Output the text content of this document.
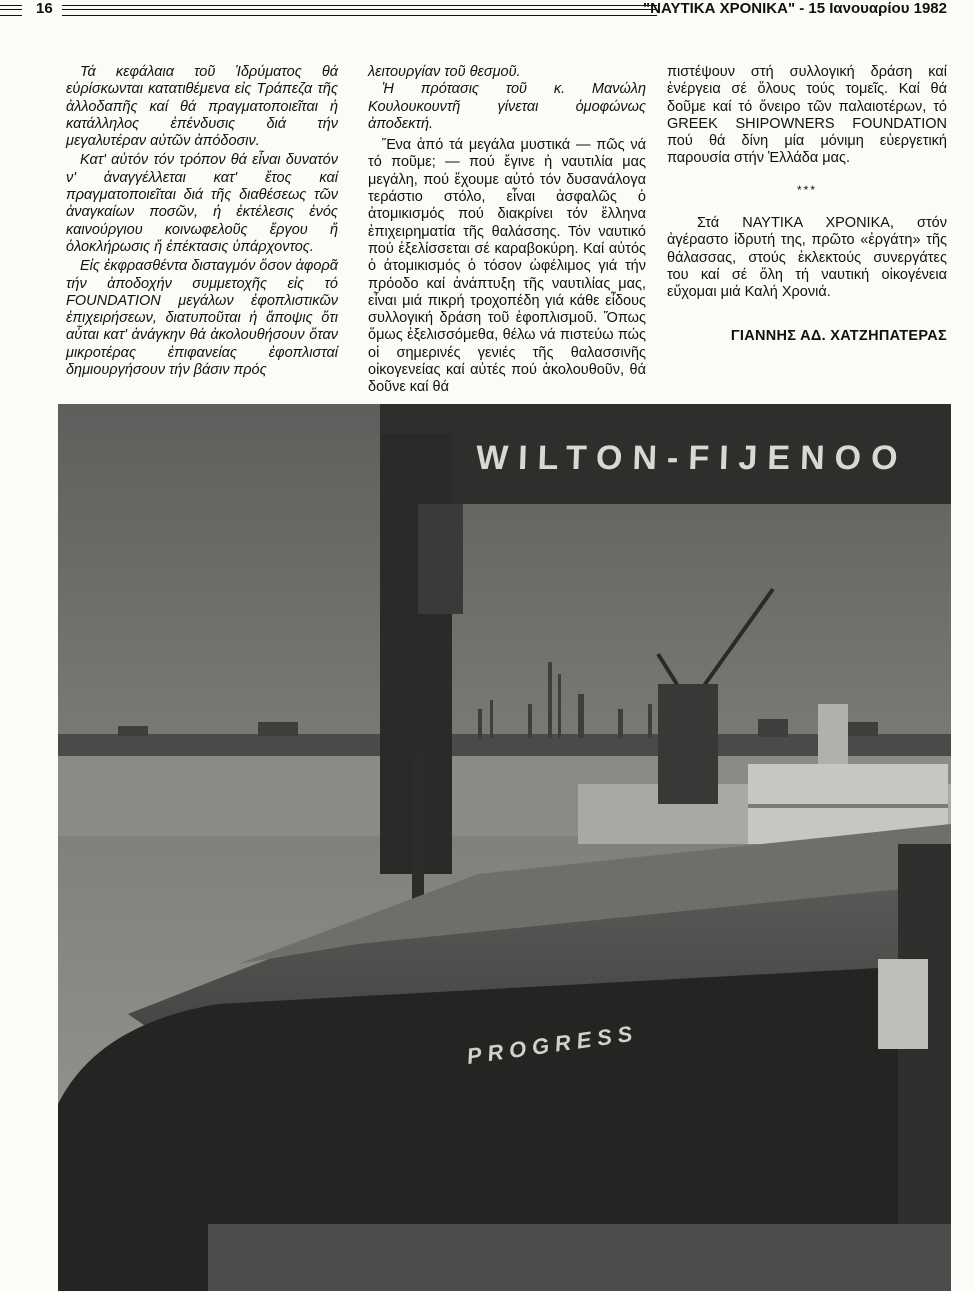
16	"ΝΑΥΤΙΚΑ ΧΡΟΝΙΚΑ" - 15 Ιανουαρίου 1982

Τά κεφάλαια τοῦ Ἱδρύματος θά εὑρίσκωνται κατατιθέμενα εἰς Τράπεζα τῆς ἀλλοδαπῆς καί θά πραγματοποιεῖται ἡ κατάλληλος ἐπένδυσις διά τήν μεγαλυτέραν αὐτῶν ἀπόδοσιν.

Κατ' αὐτόν τόν τρόπον θά εἶναι δυνατόν ν' ἀναγγέλλεται κατ' ἔτος καί πραγματοποιεῖται διά τῆς διαθέσεως τῶν ἀναγκαίων ποσῶν, ἡ ἐκτέλεσις ἑνός καινούργιου κοινωφελοῦς ἔργου ἤ ὁλοκλήρωσις ἤ ἐπέκτασις ὑπάρχοντος.

Εἰς ἐκφρασθέντα δισταγμόν ὅσον ἀφορᾶ τήν ἀποδοχήν συμμετοχῆς εἰς τό FOUNDATION μεγάλων ἐφοπλιστικῶν ἐπιχειρήσεων, διατυποῦται ἡ ἄποψις ὅτι αὗται κατ' ἀνάγκην θά ἀκολουθήσουν ὅταν μικροτέρας ἐπιφανείας ἐφοπλισταί δημιουργήσουν τήν βάσιν πρός

λειτουργίαν τοῦ θεσμοῦ.

Ἡ πρότασις τοῦ κ. Μανώλη Κουλουκουντῆ γίνεται ὁμοφώνως ἀποδεκτή.

Ἕνα ἀπό τά μεγάλα μυστικά — πῶς νά τό ποῦμε; — πού ἔγινε ἡ ναυτιλία μας μεγάλη, πού ἔχουμε αὐτό τόν δυσανάλογα τεράστιο στόλο, εἶναι ἀσφαλῶς ὁ ἀτομικισμός πού διακρίνει τόν ἕλληνα ἐπιχειρηματία τῆς θαλάσσης. Τόν ναυτικό πού ἐξελίσσεται σέ καραβοκύρη. Καί αὐτός ὁ ἀτομικισμός ὁ τόσον ὠφέλιμος γιά τήν πρόοδο καί ἀνάπτυξη τῆς ναυτιλίας μας, εἶναι μιά πικρή τροχοπέδη γιά κάθε εἶδους συλλογική δράση τοῦ ἐφοπλισμοῦ. Ὅπως ὅμως ἐξελισσόμεθα, θέλω νά πιστεύω πώς οἱ σημερινές γενιές τῆς θαλασσινῆς οἰκογενείας καί αὐτές πού ἀκολουθοῦν, θά δοῦνε καί θά

πιστέψουν στή συλλογική δράση καί ἐνέργεια σέ ὅλους τούς τομεῖς. Καί θά δοῦμε καί τό ὄνειρο τῶν παλαιοτέρων, τό GREEK SHIPOWNERS FOUNDATION πού θά δίνη μία μόνιμη εὐεργετική παρουσία στήν Ἑλλάδα μας.

***

Στά ΝΑΥΤΙΚΑ ΧΡΟΝΙΚΑ, στόν ἀγέραστο ἱδρυτή της, πρῶτο «ἐργάτη» τῆς θάλασσας, στούς ἐκλεκτούς συνεργάτες του καί σέ ὅλη τή ναυτική οἰκογένεια εὔχομαι μιά Καλή Χρονιά.

ΓΙΑΝΝΗΣ ΑΔ. ΧΑΤΖΗΠΑΤΕΡΑΣ
WILTON-FIJENOO
PROGRESS
